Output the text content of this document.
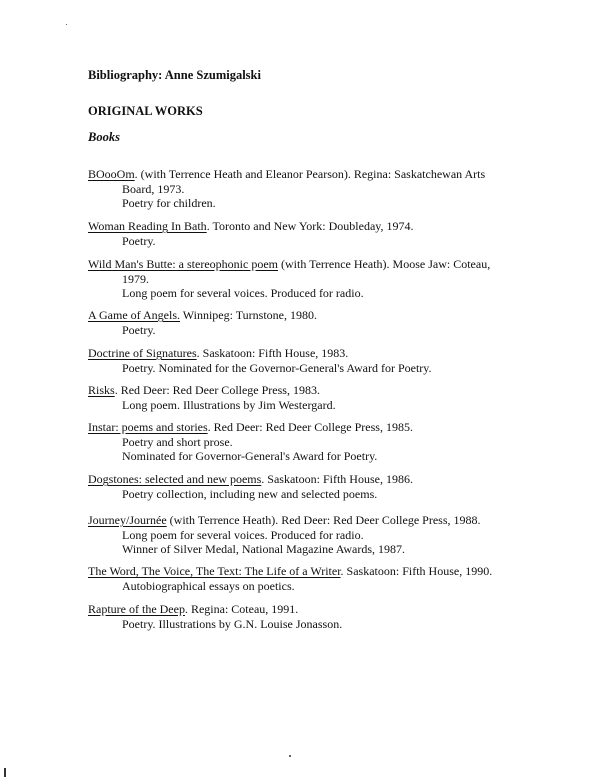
Bibliography: Anne Szumigalski
ORIGINAL WORKS
Books
BOooOm. (with Terrence Heath and Eleanor Pearson). Regina: Saskatchewan Arts
Board, 1973.
Poetry for children.
Woman Reading In Bath. Toronto and New York: Doubleday, 1974.
Poetry.
Wild Man's Butte: a stereophonic poem (with Terrence Heath). Moose Jaw: Coteau,
1979.
Long poem for several voices. Produced for radio.
A Game of Angels. Winnipeg: Turnstone, 1980.
Poetry.
Doctrine of Signatures. Saskatoon: Fifth House, 1983.
Poetry. Nominated for the Governor-General's Award for Poetry.
Risks. Red Deer: Red Deer College Press, 1983.
Long poem. Illustrations by Jim Westergard.
Instar: poems and stories. Red Deer: Red Deer College Press, 1985.
Poetry and short prose.
Nominated for Governor-General's Award for Poetry.
Dogstones: selected and new poems. Saskatoon: Fifth House, 1986.
Poetry collection, including new and selected poems.
Journey/Journée (with Terrence Heath). Red Deer: Red Deer College Press, 1988.
Long poem for several voices. Produced for radio.
Winner of Silver Medal, National Magazine Awards, 1987.
The Word, The Voice, The Text: The Life of a Writer. Saskatoon: Fifth House, 1990.
Autobiographical essays on poetics.
Rapture of the Deep. Regina: Coteau, 1991.
Poetry. Illustrations by G.N. Louise Jonasson.
